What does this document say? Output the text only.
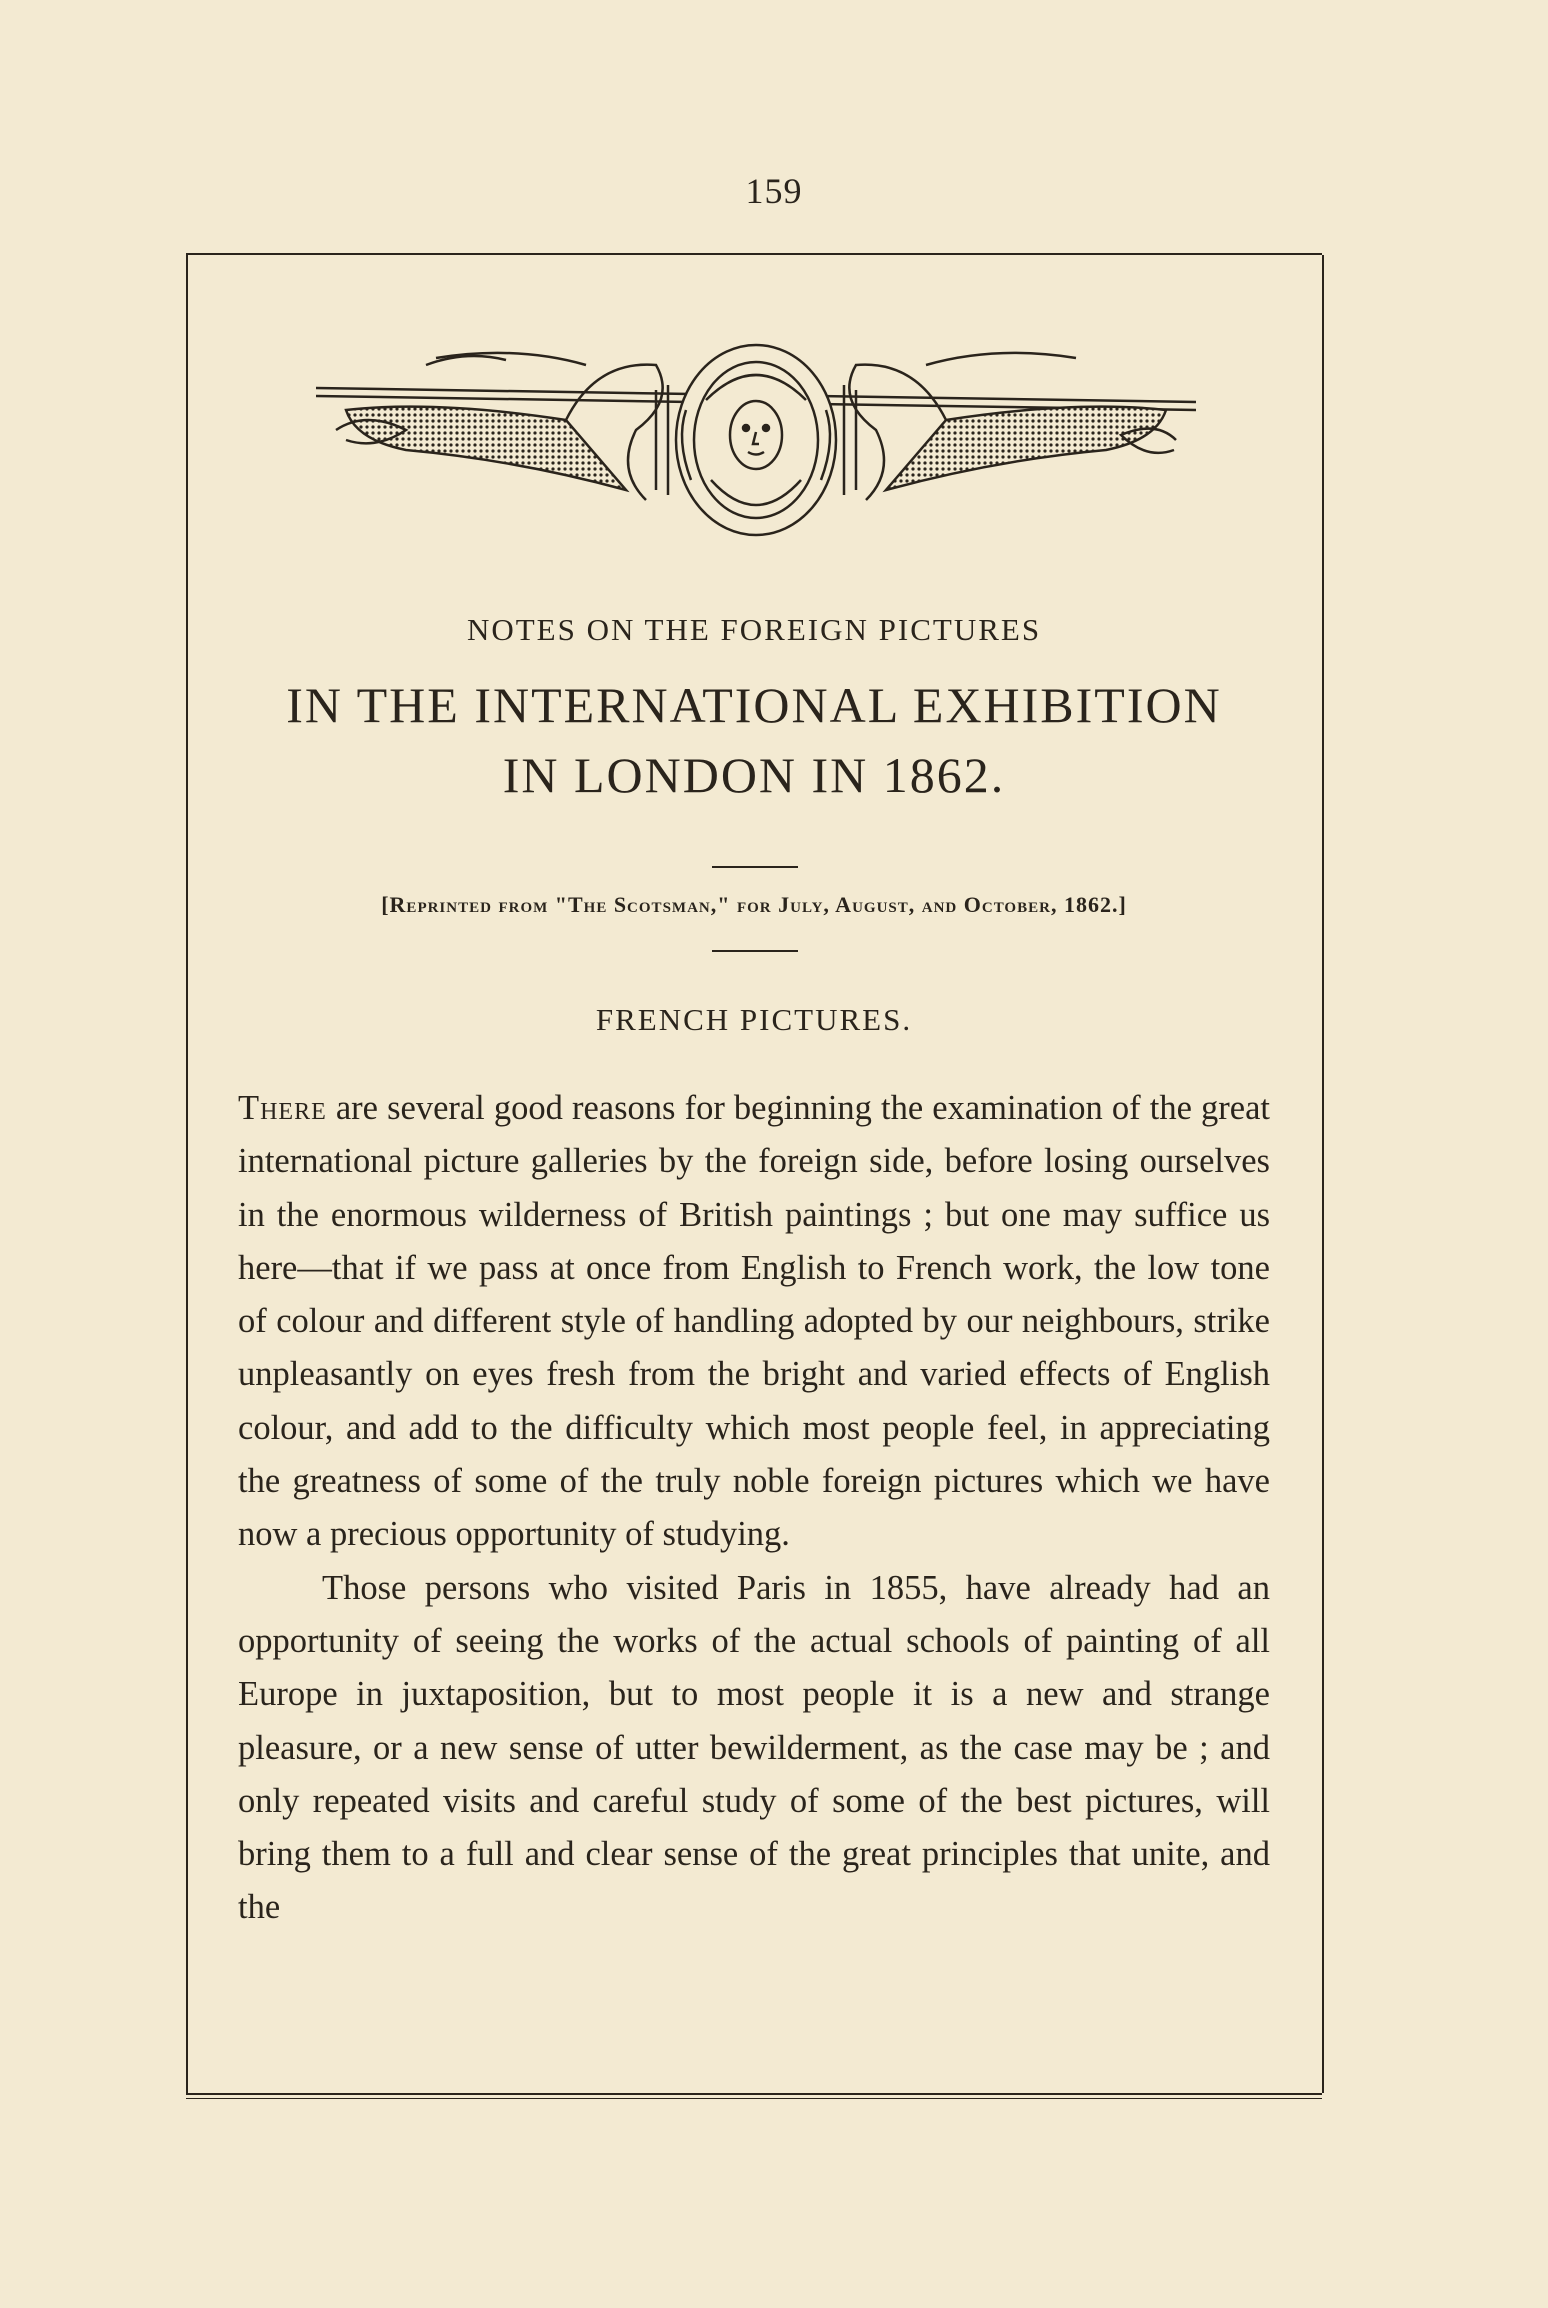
159
NOTES ON THE FOREIGN PICTURES
IN THE INTERNATIONAL EXHIBITION
IN LONDON IN 1862.
[Reprinted from "The Scotsman," for July, August, and October, 1862.]
FRENCH PICTURES.

There are several good reasons for beginning the examination of the great international picture galleries by the foreign side, before losing ourselves in the enormous wilderness of British paintings ; but one may suffice us here—that if we pass at once from English to French work, the low tone of colour and different style of handling adopted by our neighbours, strike unpleasantly on eyes fresh from the bright and varied effects of English colour, and add to the difficulty which most people feel, in appreciating the greatness of some of the truly noble foreign pictures which we have now a precious opportunity of studying.

Those persons who visited Paris in 1855, have already had an opportunity of seeing the works of the actual schools of painting of all Europe in juxtaposition, but to most people it is a new and strange pleasure, or a new sense of utter bewilderment, as the case may be ; and only repeated visits and careful study of some of the best pictures, will bring them to a full and clear sense of the great principles that unite, and the
